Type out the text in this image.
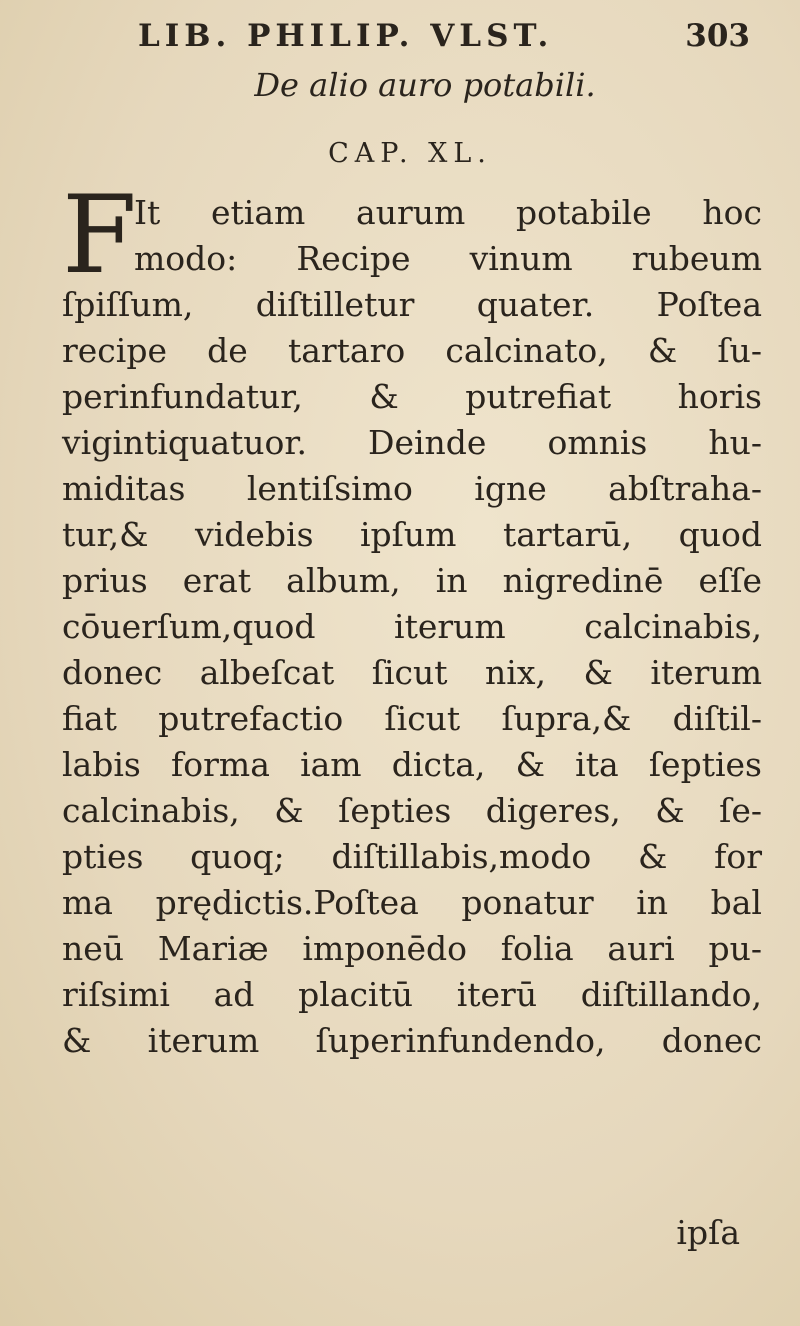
LIB. PHILIP. VLST.	303
De alio auro potabili.
CAP. XL.
F
It etiam aurum potabile hoc
modo: Recipe vinum rubeum
ſpiſſum, diſtilletur quater. Poſtea
recipe de tartaro calcinato, & ſu-
perinfundatur, & putrefiat horis
vigintiquatuor. Deinde omnis hu-
miditas lentiſsimo igne abſtraha-
tur,& videbis ipſum tartarū, quod
prius erat album, in nigredinē eſſe
cōuerſum,quod iterum calcinabis,
donec albeſcat ſicut nix, & iterum
fiat putrefactio ſicut ſupra,& diſtil-
labis forma iam dicta, & ita ſepties
calcinabis, & ſepties digeres, & ſe-
pties quoq; diſtillabis,modo & for
ma prędictis.Poſtea ponatur in bal
neū Mariæ imponēdo folia auri pu-
riſsimi ad placitū iterū diſtillando,
& iterum ſuperinfundendo, donec
ipſa
